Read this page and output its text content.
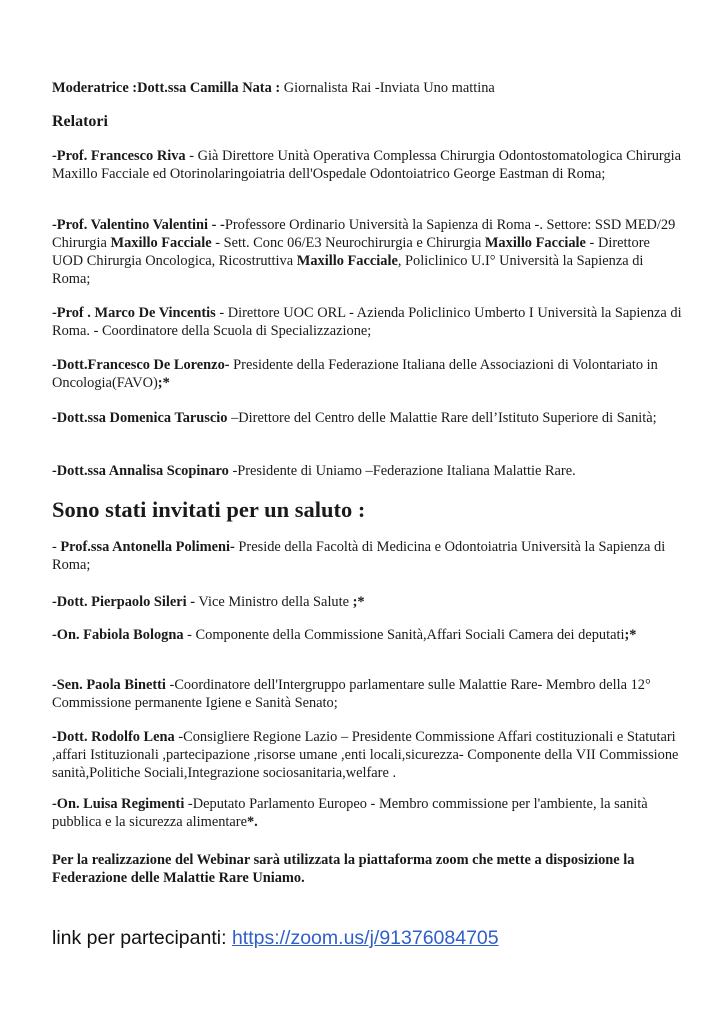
Moderatrice :Dott.ssa Camilla Nata : Giornalista Rai -Inviata Uno mattina

Relatori

-Prof. Francesco Riva - Già Direttore Unità Operativa Complessa Chirurgia Odontostomatologica Chirurgia Maxillo Facciale ed Otorinolaringoiatria dell'Ospedale Odontoiatrico George Eastman di Roma;

-Prof. Valentino Valentini - -Professore Ordinario Università la Sapienza di Roma -. Settore: SSD MED/29 Chirurgia Maxillo Facciale - Sett. Conc 06/E3 Neurochirurgia e Chirurgia Maxillo Facciale - Direttore UOD Chirurgia Oncologica, Ricostruttiva Maxillo Facciale, Policlinico U.I° Università la Sapienza di Roma;

-Prof . Marco De Vincentis - Direttore UOC ORL - Azienda Policlinico Umberto I Università la Sapienza di Roma. - Coordinatore della Scuola di Specializzazione;

-Dott.Francesco De Lorenzo- Presidente della Federazione Italiana delle Associazioni di Volontariato in Oncologia(FAVO);*

-Dott.ssa Domenica Taruscio –Direttore del Centro delle Malattie Rare dell’Istituto Superiore di Sanità;

-Dott.ssa Annalisa Scopinaro -Presidente di Uniamo –Federazione Italiana Malattie Rare.

Sono stati invitati per un saluto :

- Prof.ssa Antonella Polimeni- Preside della Facoltà di Medicina e Odontoiatria Università la Sapienza di Roma;

-Dott. Pierpaolo Sileri - Vice Ministro della Salute ;*

-On. Fabiola Bologna - Componente della Commissione Sanità,Affari Sociali Camera dei deputati;*

-Sen. Paola Binetti -Coordinatore dell'Intergruppo parlamentare sulle Malattie Rare- Membro della 12° Commissione permanente Igiene e Sanità Senato;

-Dott. Rodolfo Lena -Consigliere Regione Lazio – Presidente Commissione Affari costituzionali e Statutari ,affari Istituzionali ,partecipazione ,risorse umane ,enti locali,sicurezza- Componente della VII Commissione sanità,Politiche Sociali,Integrazione sociosanitaria,welfare .

-On. Luisa Regimenti -Deputato Parlamento Europeo - Membro commissione per l'ambiente, la sanità pubblica e la sicurezza alimentare*.

Per la realizzazione del Webinar sarà utilizzata la piattaforma zoom che mette a disposizione la Federazione delle Malattie Rare Uniamo.

link per partecipanti: https://zoom.us/j/91376084705
